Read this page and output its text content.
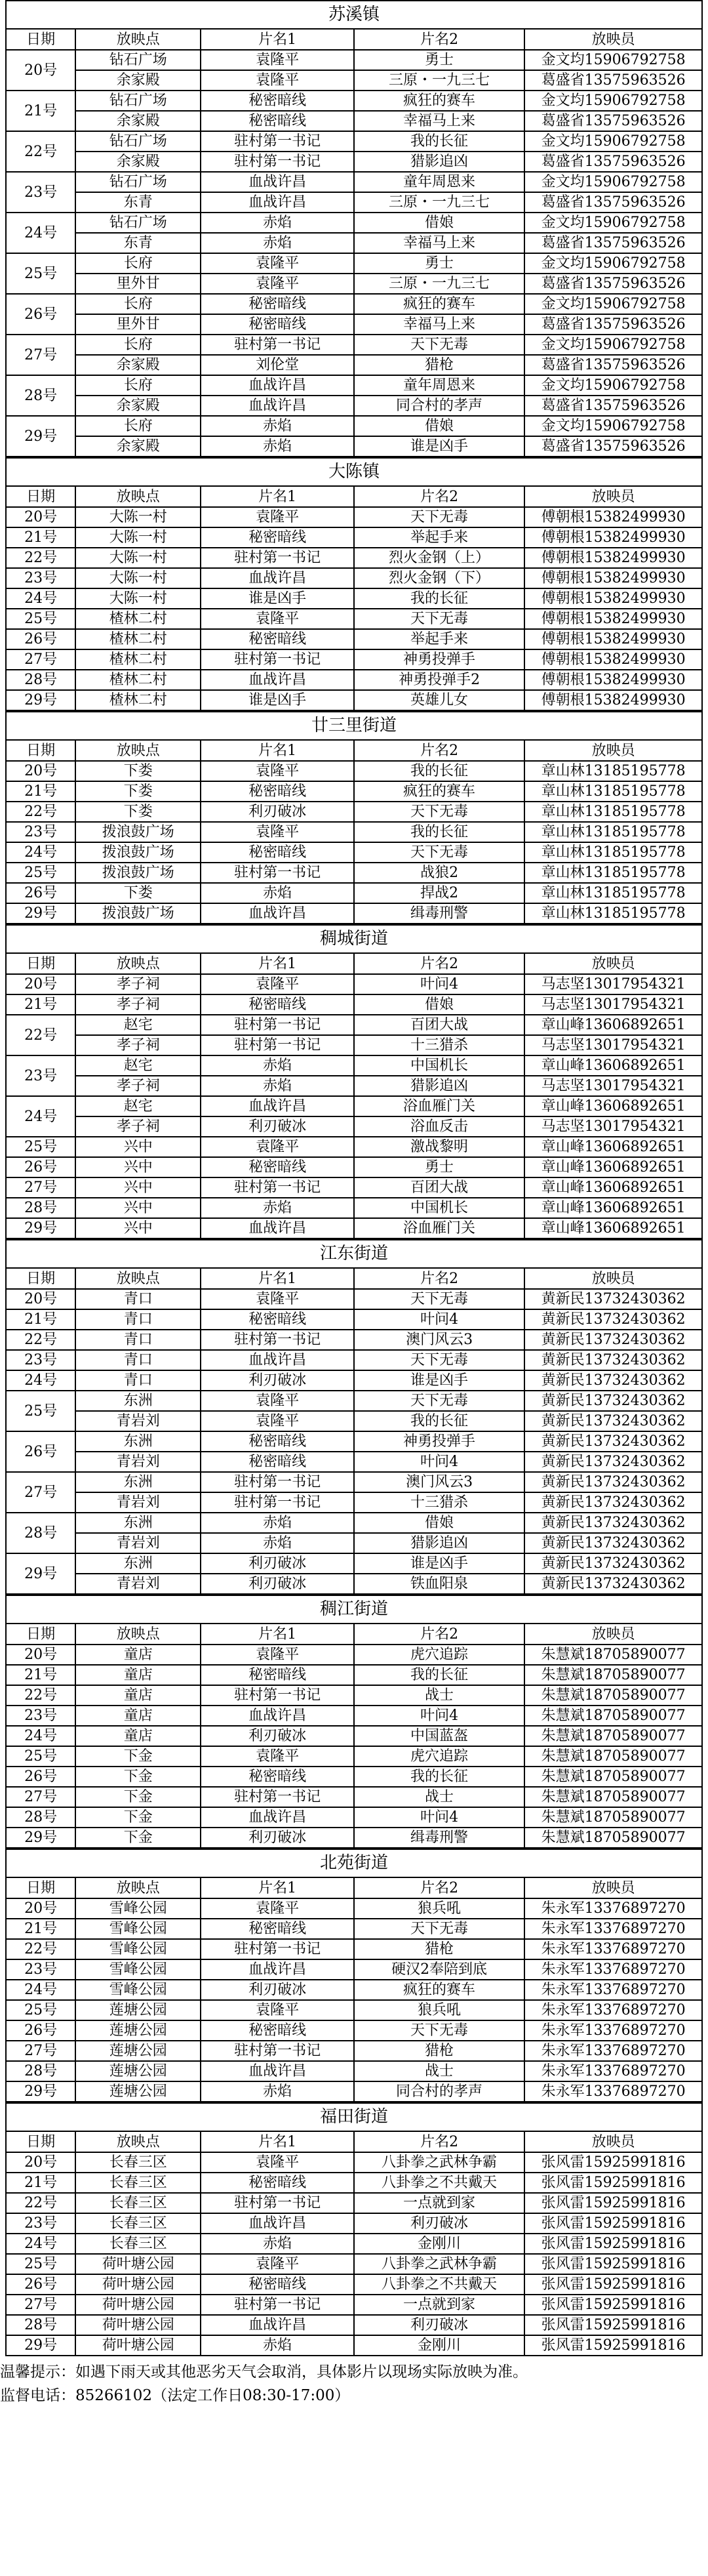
苏溪镇				
日期	放映点	片名1	片名2	放映员
20号	钻石广场	袁隆平	勇士	金文均15906792758
	余家殿	袁隆平	三原・一九三七	葛盛省13575963526
21号	钻石广场	秘密暗线	疯狂的赛车	金文均15906792758
	余家殿	秘密暗线	幸福马上来	葛盛省13575963526
22号	钻石广场	驻村第一书记	我的长征	金文均15906792758
	余家殿	驻村第一书记	猎影追凶	葛盛省13575963526
23号	钻石广场	血战许昌	童年周恩来	金文均15906792758
	东青	血战许昌	三原・一九三七	葛盛省13575963526
24号	钻石广场	赤焰	借娘	金文均15906792758
	东青	赤焰	幸福马上来	葛盛省13575963526
25号	长府	袁隆平	勇士	金文均15906792758
	里外甘	袁隆平	三原・一九三七	葛盛省13575963526
26号	长府	秘密暗线	疯狂的赛车	金文均15906792758
	里外甘	秘密暗线	幸福马上来	葛盛省13575963526
27号	长府	驻村第一书记	天下无毒	金文均15906792758
	余家殿	刘伦堂	猎枪	葛盛省13575963526
28号	长府	血战许昌	童年周恩来	金文均15906792758
	余家殿	血战许昌	同合村的孝声	葛盛省13575963526
29号	长府	赤焰	借娘	金文均15906792758
	余家殿	赤焰	谁是凶手	葛盛省13575963526
大陈镇				
日期	放映点	片名1	片名2	放映员
20号	大陈一村	袁隆平	天下无毒	傅朝根15382499930
21号	大陈一村	秘密暗线	举起手来	傅朝根15382499930
22号	大陈一村	驻村第一书记	烈火金钢（上）	傅朝根15382499930
23号	大陈一村	血战许昌	烈火金钢（下）	傅朝根15382499930
24号	大陈一村	谁是凶手	我的长征	傅朝根15382499930
25号	楂林二村	袁隆平	天下无毒	傅朝根15382499930
26号	楂林二村	秘密暗线	举起手来	傅朝根15382499930
27号	楂林二村	驻村第一书记	神勇投弹手	傅朝根15382499930
28号	楂林二村	血战许昌	神勇投弹手2	傅朝根15382499930
29号	楂林二村	谁是凶手	英雄儿女	傅朝根15382499930
廿三里街道				
日期	放映点	片名1	片名2	放映员
20号	下娄	袁隆平	我的长征	章山林13185195778
21号	下娄	秘密暗线	疯狂的赛车	章山林13185195778
22号	下娄	利刃破冰	天下无毒	章山林13185195778
23号	拨浪鼓广场	袁隆平	我的长征	章山林13185195778
24号	拨浪鼓广场	秘密暗线	天下无毒	章山林13185195778
25号	拨浪鼓广场	驻村第一书记	战狼2	章山林13185195778
26号	下娄	赤焰	捍战2	章山林13185195778
29号	拨浪鼓广场	血战许昌	缉毒刑警	章山林13185195778
稠城街道				
日期	放映点	片名1	片名2	放映员
20号	孝子祠	袁隆平	叶问4	马志坚13017954321
21号	孝子祠	秘密暗线	借娘	马志坚13017954321
22号	赵宅	驻村第一书记	百团大战	章山峰13606892651
	孝子祠	驻村第一书记	十三猎杀	马志坚13017954321
23号	赵宅	赤焰	中国机长	章山峰13606892651
	孝子祠	赤焰	猎影追凶	马志坚13017954321
24号	赵宅	血战许昌	浴血雁门关	章山峰13606892651
	孝子祠	利刃破冰	浴血反击	马志坚13017954321
25号	兴中	袁隆平	激战黎明	章山峰13606892651
26号	兴中	秘密暗线	勇士	章山峰13606892651
27号	兴中	驻村第一书记	百团大战	章山峰13606892651
28号	兴中	赤焰	中国机长	章山峰13606892651
29号	兴中	血战许昌	浴血雁门关	章山峰13606892651
江东街道				
日期	放映点	片名1	片名2	放映员
20号	青口	袁隆平	天下无毒	黄新民13732430362
21号	青口	秘密暗线	叶问4	黄新民13732430362
22号	青口	驻村第一书记	澳门风云3	黄新民13732430362
23号	青口	血战许昌	天下无毒	黄新民13732430362
24号	青口	利刃破冰	谁是凶手	黄新民13732430362
25号	东洲	袁隆平	天下无毒	黄新民13732430362
	青岩刘	袁隆平	我的长征	黄新民13732430362
26号	东洲	秘密暗线	神勇投弹手	黄新民13732430362
	青岩刘	秘密暗线	叶问4	黄新民13732430362
27号	东洲	驻村第一书记	澳门风云3	黄新民13732430362
	青岩刘	驻村第一书记	十三猎杀	黄新民13732430362
28号	东洲	赤焰	借娘	黄新民13732430362
	青岩刘	赤焰	猎影追凶	黄新民13732430362
29号	东洲	利刃破冰	谁是凶手	黄新民13732430362
	青岩刘	利刃破冰	铁血阳泉	黄新民13732430362
稠江街道				
日期	放映点	片名1	片名2	放映员
20号	童店	袁隆平	虎穴追踪	朱慧斌18705890077
21号	童店	秘密暗线	我的长征	朱慧斌18705890077
22号	童店	驻村第一书记	战士	朱慧斌18705890077
23号	童店	血战许昌	叶问4	朱慧斌18705890077
24号	童店	利刃破冰	中国蓝盔	朱慧斌18705890077
25号	下金	袁隆平	虎穴追踪	朱慧斌18705890077
26号	下金	秘密暗线	我的长征	朱慧斌18705890077
27号	下金	驻村第一书记	战士	朱慧斌18705890077
28号	下金	血战许昌	叶问4	朱慧斌18705890077
29号	下金	利刃破冰	缉毒刑警	朱慧斌18705890077
北苑街道				
日期	放映点	片名1	片名2	放映员
20号	雪峰公园	袁隆平	狼兵吼	朱永军13376897270
21号	雪峰公园	秘密暗线	天下无毒	朱永军13376897270
22号	雪峰公园	驻村第一书记	猎枪	朱永军13376897270
23号	雪峰公园	血战许昌	硬汉2奉陪到底	朱永军13376897270
24号	雪峰公园	利刃破冰	疯狂的赛车	朱永军13376897270
25号	莲塘公园	袁隆平	狼兵吼	朱永军13376897270
26号	莲塘公园	秘密暗线	天下无毒	朱永军13376897270
27号	莲塘公园	驻村第一书记	猎枪	朱永军13376897270
28号	莲塘公园	血战许昌	战士	朱永军13376897270
29号	莲塘公园	赤焰	同合村的孝声	朱永军13376897270
福田街道				
日期	放映点	片名1	片名2	放映员
20号	长春三区	袁隆平	八卦拳之武林争霸	张风雷15925991816
21号	长春三区	秘密暗线	八卦拳之不共戴天	张风雷15925991816
22号	长春三区	驻村第一书记	一点就到家	张风雷15925991816
23号	长春三区	血战许昌	利刃破冰	张风雷15925991816
24号	长春三区	赤焰	金刚川	张风雷15925991816
25号	荷叶塘公园	袁隆平	八卦拳之武林争霸	张风雷15925991816
26号	荷叶塘公园	秘密暗线	八卦拳之不共戴天	张风雷15925991816
27号	荷叶塘公园	驻村第一书记	一点就到家	张风雷15925991816
28号	荷叶塘公园	血战许昌	利刃破冰	张风雷15925991816
29号	荷叶塘公园	赤焰	金刚川	张风雷15925991816
温馨提示：如遇下雨天或其他恶劣天气会取消，具体影片以现场实际放映为准。
监督电话：85266102（法定工作日08:30-17:00）
